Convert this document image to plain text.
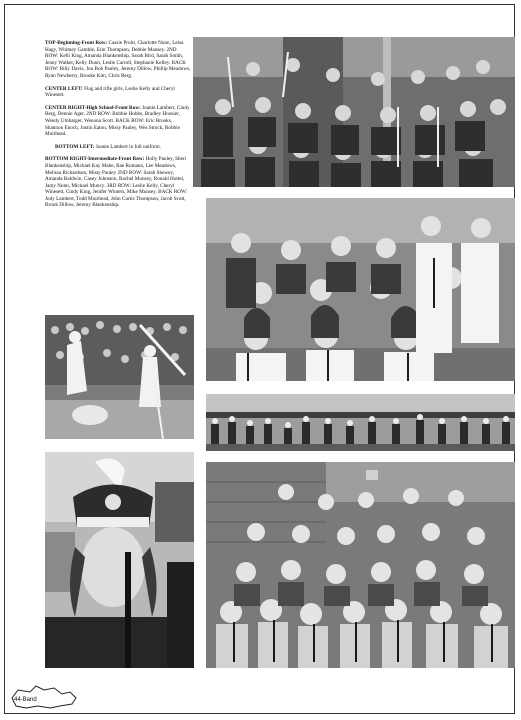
TOP-Beginning-Front Row: Cassie Pruitt, Charlotte Nunn, Leisa Hagy, Whitney Gamble, Erin Thompson, Debbie Mansey. 2ND ROW: Kelli King, Amanda Blankenship, Sarah Bird, Sarah Smith, Jenny Walker, Kelly Dunn, Leslie Carroll, Stephanie Kelley. BACK ROW: Billy Davis, Jon Bob Pauley, Jeremy Dillow, Phillip Meadows, Ryan Newberry, Brooke Kim, Chris Berg.

CENTER LEFT: Flag and rifle girls, Leslie Kelly and Cheryl Winesett.

CENTER RIGHT-High School-Front Row: Joanie Lambert, Cindy Berg, Dennie Ager. 2ND ROW: Bobbie Hobbs, Bradley Hoosier, Wendy Umbarger, Wenona Scott. BACK ROW: Eric Brooks, Shannon Enoch, Justin Eaton, Missy Pauley, Wes Strock, Robbie Muirhead.

BOTTOM LEFT: Joanie Lambert in full uniform.

BOTTOM RIGHT-Intermediate-Front Row: Holly Pauley, Sheri Blankenship, Michael Kay Mabe, Rae Romano, Lee Meadows, Melissa Richardson, Misty Pauley 2ND ROW: Sarah Shewey, Amanda Baldwin, Casey Johnston, Rachel Munsey, Ronald Hottel, Jamy Nunn, Michael Muncy. 3RD ROW: Leslie Kelly, Cheryl Winesett, Cindy King, Jenifer Winters, Mike Munsey. BACK ROW: Jody Lambert, Todd Muirhead, John Curtis Thompson, Jacob Scott, Brook Dillow, Jeremy Blankenship.

44-Band
